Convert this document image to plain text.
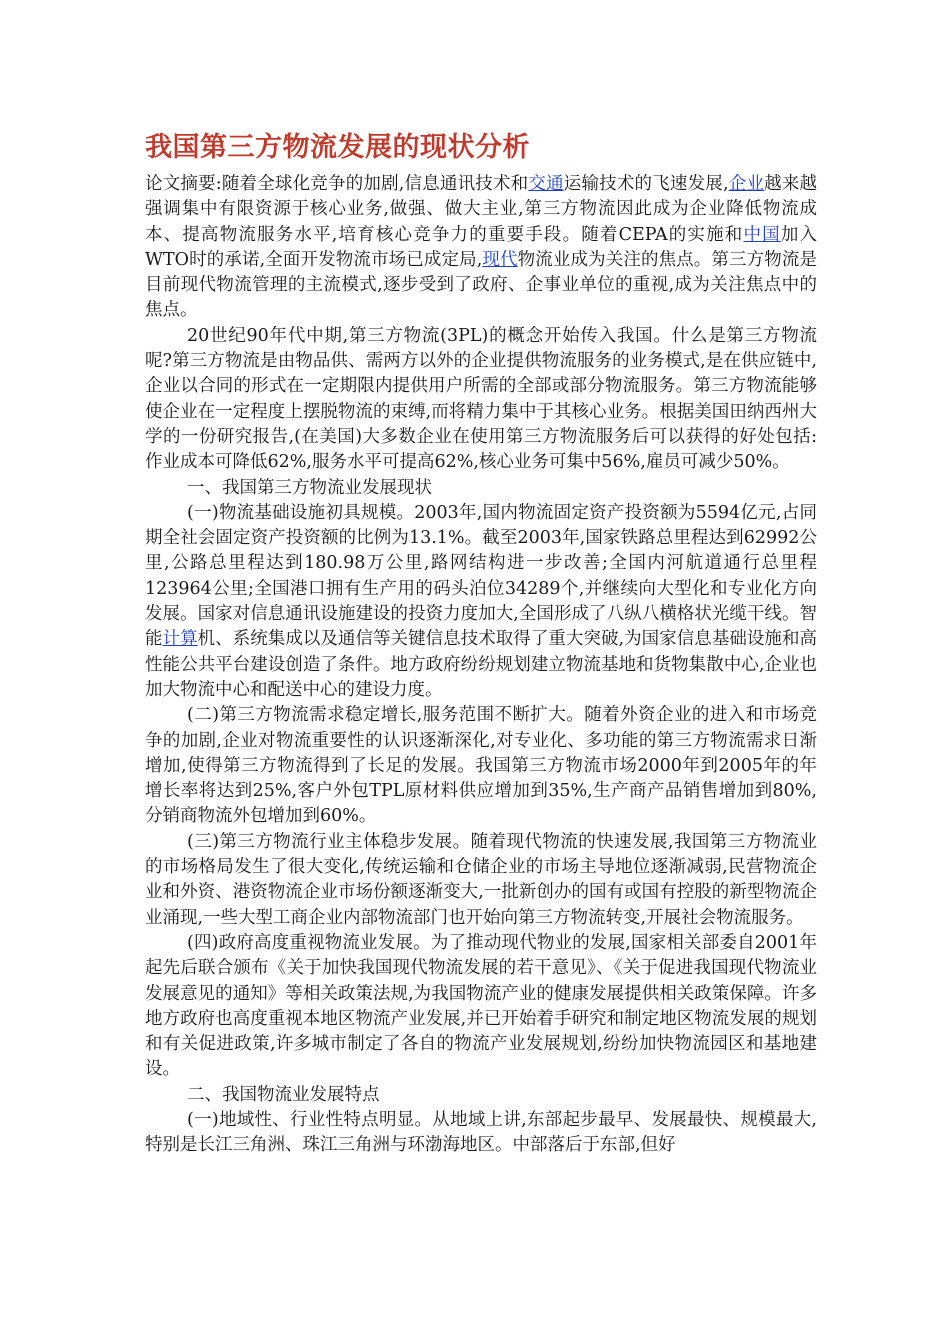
我国第三方物流发展的现状分析

论文摘要:随着全球化竞争的加剧,信息通讯技术和交通运输技术的飞速发展,企业越来越强调集中有限资源于核心业务,做强、做大主业,第三方物流因此成为企业降低物流成本、提高物流服务水平,培育核心竞争力的重要手段。随着CEPA的实施和中国加入WTO时的承诺,全面开发物流市场已成定局,现代物流业成为关注的焦点。第三方物流是目前现代物流管理的主流模式,逐步受到了政府、企事业单位的重视,成为关注焦点中的焦点。

20世纪90年代中期,第三方物流(3PL)的概念开始传入我国。什么是第三方物流呢?第三方物流是由物品供、需两方以外的企业提供物流服务的业务模式,是在供应链中,企业以合同的形式在一定期限内提供用户所需的全部或部分物流服务。第三方物流能够使企业在一定程度上摆脱物流的束缚,而将精力集中于其核心业务。根据美国田纳西州大学的一份研究报告,(在美国)大多数企业在使用第三方物流服务后可以获得的好处包括:作业成本可降低62%,服务水平可提高62%,核心业务可集中56%,雇员可减少50%。

一、我国第三方物流业发展现状

(一)物流基础设施初具规模。2003年,国内物流固定资产投资额为5594亿元,占同期全社会固定资产投资额的比例为13.1%。截至2003年,国家铁路总里程达到62992公里,公路总里程达到180.98万公里,路网结构进一步改善;全国内河航道通行总里程123964公里;全国港口拥有生产用的码头泊位34289个,并继续向大型化和专业化方向发展。国家对信息通讯设施建设的投资力度加大,全国形成了八纵八横格状光缆干线。智能计算机、系统集成以及通信等关键信息技术取得了重大突破,为国家信息基础设施和高性能公共平台建设创造了条件。地方政府纷纷规划建立物流基地和货物集散中心,企业也加大物流中心和配送中心的建设力度。

(二)第三方物流需求稳定增长,服务范围不断扩大。随着外资企业的进入和市场竞争的加剧,企业对物流重要性的认识逐渐深化,对专业化、多功能的第三方物流需求日渐增加,使得第三方物流得到了长足的发展。我国第三方物流市场2000年到2005年的年增长率将达到25%,客户外包TPL原材料供应增加到35%,生产商产品销售增加到80%,分销商物流外包增加到60%。

(三)第三方物流行业主体稳步发展。随着现代物流的快速发展,我国第三方物流业的市场格局发生了很大变化,传统运输和仓储企业的市场主导地位逐渐减弱,民营物流企业和外资、港资物流企业市场份额逐渐变大,一批新创办的国有或国有控股的新型物流企业涌现,一些大型工商企业内部物流部门也开始向第三方物流转变,开展社会物流服务。

(四)政府高度重视物流业发展。为了推动现代物业的发展,国家相关部委自2001年起先后联合颁布《关于加快我国现代物流发展的若干意见》、《关于促进我国现代物流业发展意见的通知》等相关政策法规,为我国物流产业的健康发展提供相关政策保障。许多地方政府也高度重视本地区物流产业发展,并已开始着手研究和制定地区物流发展的规划和有关促进政策,许多城市制定了各自的物流产业发展规划,纷纷加快物流园区和基地建设。

二、我国物流业发展特点

(一)地域性、行业性特点明显。从地域上讲,东部起步最早、发展最快、规模最大,特别是长江三角洲、珠江三角洲与环渤海地区。中部落后于东部,但好
